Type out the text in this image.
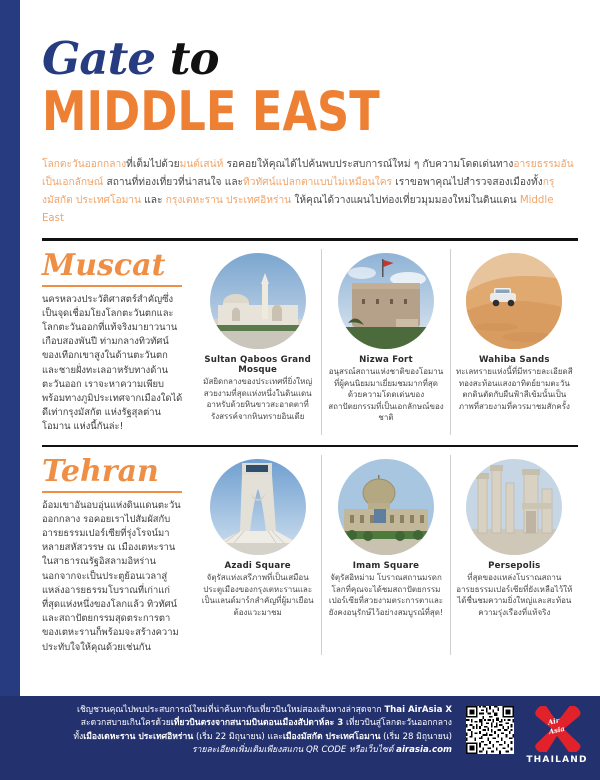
Gate to
MIDDLE EAST
โลกตะวันออกกลางที่เต็มไปด้วยมนต์เสน่ห์ รอคอยให้คุณได้ไปค้นพบประสบการณ์ใหม่ ๆ กับความโดดเด่นทางอารยธรรมอันเป็นเอกลักษณ์ สถานที่ท่องเที่ยวที่น่าสนใจ และทิวทัศน์แปลกตาแบบไม่เหมือนใคร เราขอพาคุณไปสำรวจสองเมืองทั้งกรุงมัสกัต ประเทศโอมาน และ กรุงเตหะราน ประเทศอิหร่าน ให้คุณได้วางแผนไปท่องเที่ยวมุมมองใหม่ในดินแดน Middle East
Muscat
นครหลวงประวัติศาสตร์สำคัญซึ่งเป็นจุดเชื่อมโยงโลกตะวันตกและโลกตะวันออกที่แท้จริงมายาวนานเกือบสองพันปี ท่ามกลางทิวทัศน์ของเทือกเขาสูงในด้านตะวันตก และชายฝั่งทะเลอาหรับทางด้านตะวันออก เราจะหาความเพียบพร้อมทางภูมิประเทศจากเมืองใดได้ดีเท่ากรุงมัสกัต แห่งรัฐสุลต่านโอมาน แห่งนี้กันล่ะ!
Sultan Qaboos Grand Mosque
มัสยิดกลางของประเทศที่ยิ่งใหญ่สวยงามที่สุดแห่งหนึ่งในดินแดนอาหรับด้วยหินขาวสะอาดตาที่รังสรรค์จากหินทรายอินเดีย
Nizwa Fort
อนุสรณ์สถานแห่งชาติของโอมานที่ผู้คนนิยมมาเยี่ยมชมมากที่สุดด้วยความโดดเด่นของสถาปัตยกรรมที่เป็นเอกลักษณ์ของชาติ
Wahiba Sands
ทะเลทรายแห่งนี้ที่มีทรายละเอียดสีทองสะท้อนแสงอาทิตย์ยามตะวันตกดินตัดกับผืนฟ้าสีเข้มนั้นเป็นภาพที่สวยงามที่ควรมาชมสักครั้ง
Tehran
อ้อมเขาอันอบอุ่นแห่งดินแดนตะวันออกกลาง รอคอยเราไปสัมผัสกับอารยธรรมเปอร์เซียที่รุ่งโรจน์มาหลายสหัสวรรษ ณ เมืองเตหะรานในสาธารณรัฐอิสลามอิหร่าน นอกจากจะเป็นประตูย้อนเวลาสู่แหล่งอารยธรรมโบราณที่เก่าแก่ที่สุดแห่งหนึ่งของโลกแล้ว ทิวทัศน์และสถาปัตยกรรมสุดตระการตาของเตหะรานก็พร้อมจะสร้างความประทับใจให้คุณด้วยเช่นกัน
Azadi Square
จัตุรัสแห่งเสรีภาพที่เป็นเสมือนประตูเมืองของกรุงเตหะรานและเป็นแลนด์มาร์กสำคัญที่ผู้มาเยือนต้องแวะมาชม
Imam Square
จัตุรัสอิหม่าม โบราณสถานมรดกโลกที่คุณจะได้ชมสถาปัตยกรรมเปอร์เซียที่สวยงามตระการตาและยังคงอนุรักษ์ไว้อย่างสมบูรณ์ที่สุด!
Persepolis
ที่สุดของแหล่งโบราณสถานอารยธรรมเปอร์เซียที่ยังเหลือไว้ให้ได้ชื่นชมความยิ่งใหญ่และสะท้อนความรุ่งเรืองที่แท้จริง
เชิญชวนคุณไปพบประสบการณ์ใหม่ที่น่าค้นหากับเที่ยวบินใหม่สองเส้นทางล่าสุดจาก Thai AirAsia X
สะดวกสบายเกินใครด้วยเที่ยวบินตรงจากสนามบินดอนเมืองสัปดาห์ละ 3 เที่ยวบินสู่โลกตะวันออกกลาง
ทั้งเมืองเตหะราน ประเทศอิหร่าน (เริ่ม 22 มิถุนายน) และเมืองมัสกัต ประเทศโอมาน (เริ่ม 28 มิถุนายน)
รายละเอียดเพิ่มเติมเพียงสแกน QR CODE หรือเว็บไซต์ airasia.com
Air
Asia
THAILAND
